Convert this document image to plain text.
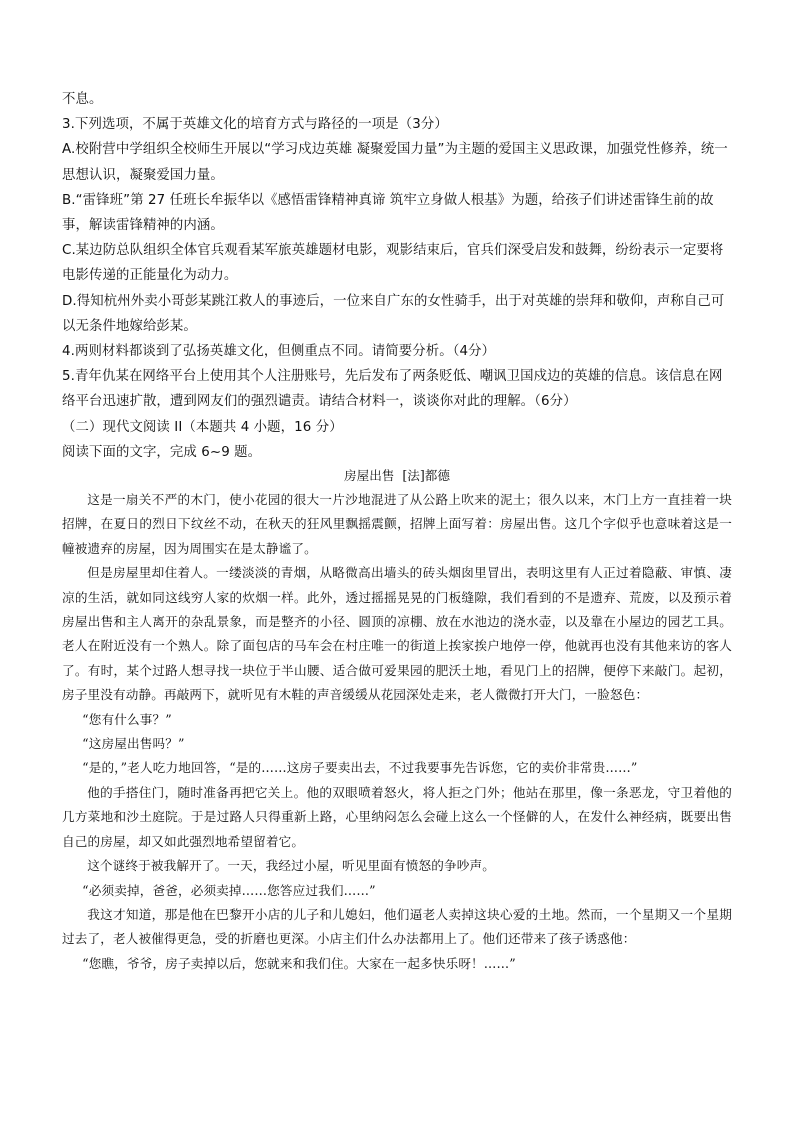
不息。

3.下列选项，不属于英雄文化的培育方式与路径的一项是（3分）

A.校附营中学组织全校师生开展以“学习戍边英雄 凝聚爱国力量”为主题的爱国主义思政课，加强党性修养，统一思想认识，凝聚爱国力量。

B.“雷锋班”第 27 任班长牟振华以《感悟雷锋精神真谛 筑牢立身做人根基》为题，给孩子们讲述雷锋生前的故事，解读雷锋精神的内涵。

C.某边防总队组织全体官兵观看某军旅英雄题材电影，观影结束后，官兵们深受启发和鼓舞，纷纷表示一定要将电影传递的正能量化为动力。

D.得知杭州外卖小哥彭某跳江救人的事迹后，一位来自广东的女性骑手，出于对英雄的崇拜和敬仰，声称自己可以无条件地嫁给彭某。

4.两则材料都谈到了弘扬英雄文化，但侧重点不同。请简要分析。（4分）

5.青年仇某在网络平台上使用其个人注册账号，先后发布了两条贬低、嘲讽卫国戍边的英雄的信息。该信息在网络平台迅速扩散，遭到网友们的强烈谴责。请结合材料一，谈谈你对此的理解。（6分）

（二）现代文阅读 II（本题共 4 小题，16 分）

阅读下面的文字，完成 6~9 题。

房屋出售 [法]都德

这是一扇关不严的木门，使小花园的很大一片沙地混进了从公路上吹来的泥土；很久以来，木门上方一直挂着一块招牌，在夏日的烈日下纹丝不动，在秋天的狂风里飘摇震颤，招牌上面写着：房屋出售。这几个字似乎也意味着这是一幢被遗弃的房屋，因为周围实在是太静谧了。

但是房屋里却住着人。一缕淡淡的青烟，从略微高出墙头的砖头烟囱里冒出，表明这里有人正过着隐蔽、审慎、凄凉的生活，就如同这线穷人家的炊烟一样。此外，透过摇摇晃晃的门板缝隙，我们看到的不是遗弃、荒废，以及预示着房屋出售和主人离开的杂乱景象，而是整齐的小径、圆顶的凉棚、放在水池边的浇水壶，以及靠在小屋边的园艺工具。老人在附近没有一个熟人。除了面包店的马车会在村庄唯一的街道上挨家挨户地停一停，他就再也没有其他来访的客人了。有时，某个过路人想寻找一块位于半山腰、适合做可爱果园的肥沃土地，看见门上的招牌，便停下来敲门。起初，房子里没有动静。再敲两下，就听见有木鞋的声音缓缓从花园深处走来，老人微微打开大门，一脸怒色：

“您有什么事？”

“这房屋出售吗？”

“是的，”老人吃力地回答，“是的……这房子要卖出去，不过我要事先告诉您，它的卖价非常贵……”

他的手搭住门，随时准备再把它关上。他的双眼喷着怒火，将人拒之门外；他站在那里，像一条恶龙，守卫着他的几方菜地和沙土庭院。于是过路人只得重新上路，心里纳闷怎么会碰上这么一个怪僻的人，在发什么神经病，既要出售自己的房屋，却又如此强烈地希望留着它。

这个谜终于被我解开了。一天，我经过小屋，听见里面有愤怒的争吵声。

“必须卖掉，爸爸，必须卖掉……您答应过我们……”

我这才知道，那是他在巴黎开小店的儿子和儿媳妇，他们逼老人卖掉这块心爱的土地。然而，一个星期又一个星期过去了，老人被催得更急，受的折磨也更深。小店主们什么办法都用上了。他们还带来了孩子诱惑他：

“您瞧，爷爷，房子卖掉以后，您就来和我们住。大家在一起多快乐呀！……”
